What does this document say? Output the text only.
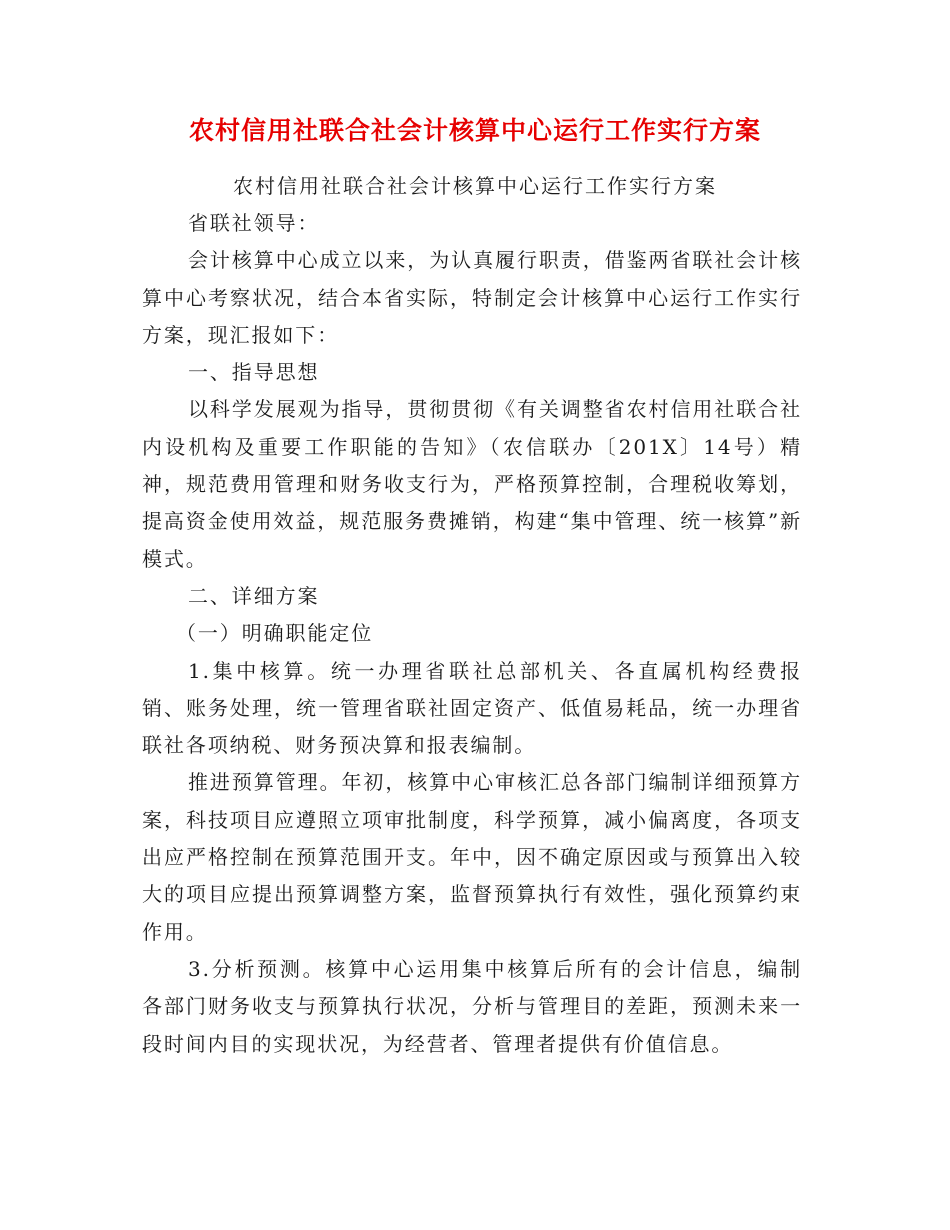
农村信用社联合社会计核算中心运行工作实行方案
农村信用社联合社会计核算中心运行工作实行方案

省联社领导：

会计核算中心成立以来，为认真履行职责，借鉴两省联社会计核算中心考察状况，结合本省实际，特制定会计核算中心运行工作实行方案，现汇报如下：

一、指导思想

以科学发展观为指导，贯彻贯彻《有关调整省农村信用社联合社内设机构及重要工作职能的告知》（农信联办〔201X〕14号）精神，规范费用管理和财务收支行为，严格预算控制，合理税收筹划，提高资金使用效益，规范服务费摊销，构建“集中管理、统一核算”新模式。

二、详细方案

（一）明确职能定位

1.集中核算。统一办理省联社总部机关、各直属机构经费报销、账务处理，统一管理省联社固定资产、低值易耗品，统一办理省联社各项纳税、财务预决算和报表编制。

推进预算管理。年初，核算中心审核汇总各部门编制详细预算方案，科技项目应遵照立项审批制度，科学预算，减小偏离度，各项支出应严格控制在预算范围开支。年中，因不确定原因或与预算出入较大的项目应提出预算调整方案，监督预算执行有效性，强化预算约束作用。

3.分析预测。核算中心运用集中核算后所有的会计信息，编制各部门财务收支与预算执行状况，分析与管理目的差距，预测未来一段时间内目的实现状况，为经营者、管理者提供有价值信息。
